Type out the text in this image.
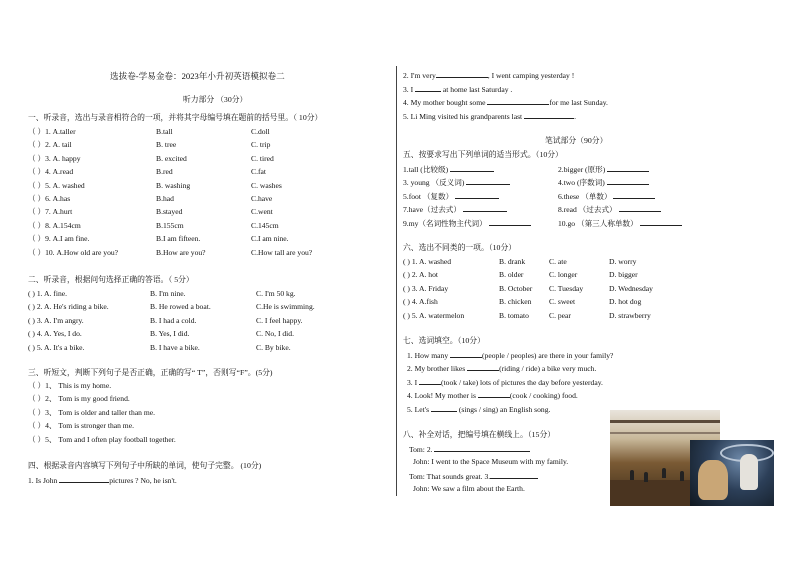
选拔卷-学易金卷：2023年小升初英语模拟卷二
听力部分 （30分）
一、听录音，选出与录音相符合的一项，并将其字母编号填在题前的括号里。（ 10分）
（ ）1. A.taller	B.tall	C.doll
（ ）2. A. tail	B. tree	C. trip
（ ）3. A. happy	B. excited	C. tired
（ ）4. A.read	B.red	C.fat
（ ）5. A. washed	B. washing	C. washes
（ ）6. A.has	B.had	C.have
（ ）7. A.hurt	B.stayed	C.went
（ ）8. A.154cm	B.155cm	C.145cm
（ ）9. A.I am fine.	B.I am fifteen.	C.I am nine.
（ ）10. A.How old are you?	B.How are you?	C.How tall are you?
二、听录音，根据问句选择正确的答语。（ 5分）
( ) 1. A. fine.	B. I'm nine.	C. I'm 50 kg.
( ) 2. A. He's riding a bike.	B. He rowed a boat.	C.He is swimming.
( ) 3. A. I'm angry.	B. I had a cold.	C. I feel happy.
( ) 4. A. Yes, I do.	B. Yes, I did.	C. No, I did.
( ) 5. A. It's a bike.	B. I have a bike.	C. By bike.
三、听短文，判断下列句子是否正确，正确的写“ T”，否则写“F”。(5分)
（ ）1、 This is my home.
（ ）2、 Tom is my good friend.
（ ）3、 Tom is older and taller than me.
（ ）4、 Tom is stronger than me.
（ ）5、 Tom and I often play football together.
四、根据录音内容填写下列句子中所缺的单词，使句子完整。 (10分)
1. Is John	pictures ? No, he isn't.
2. I'm very	, I went camping yesterday !
3. I	at home last Saturday .
4. My mother bought some	for me last Sunday.
5. Li Ming visited his grandparents last	.
笔试部分（90分）
五、按要求写出下列单词的适当形式。（10分）
1.tall (比较级)	2.bigger (原形)
3. young （反义词)	4.two (序数词)
5.foot （复数）	6.these （单数）
7.have（过去式）	8.read （过去式）
9.my（名词性物主代词）	10.go （第三人称单数）
六、选出不同类的一项。（10分）
( ) 1. A. washed	B. drank	C. ate	D. worry
( ) 2. A. hot	B. older	C. longer	D. bigger
( ) 3. A. Friday	B. October C. Tuesday	D. Wednesday
( ) 4. A.fish	B. chicken C. sweet	D. hot dog
( ) 5. A. watermelon	B. tomato	C. pear	D. strawberry
七、选词填空。（10分）
1. How many	(people / peoples) are there in your family?
2. My brother likes	(riding / ride) a bike very much.
3. I	(took / take) lots of pictures the day before yesterday.
4. Look! My mother is	(cook / cooking) food.
5. Let's	(sings / sing) an English song.
八、补全对话，把编号填在横线上。（15分）
Tom: 2.
John: I went to the Space Museum with my family.
Tom: That sounds great. 3.
John: We saw a film about the Earth.
